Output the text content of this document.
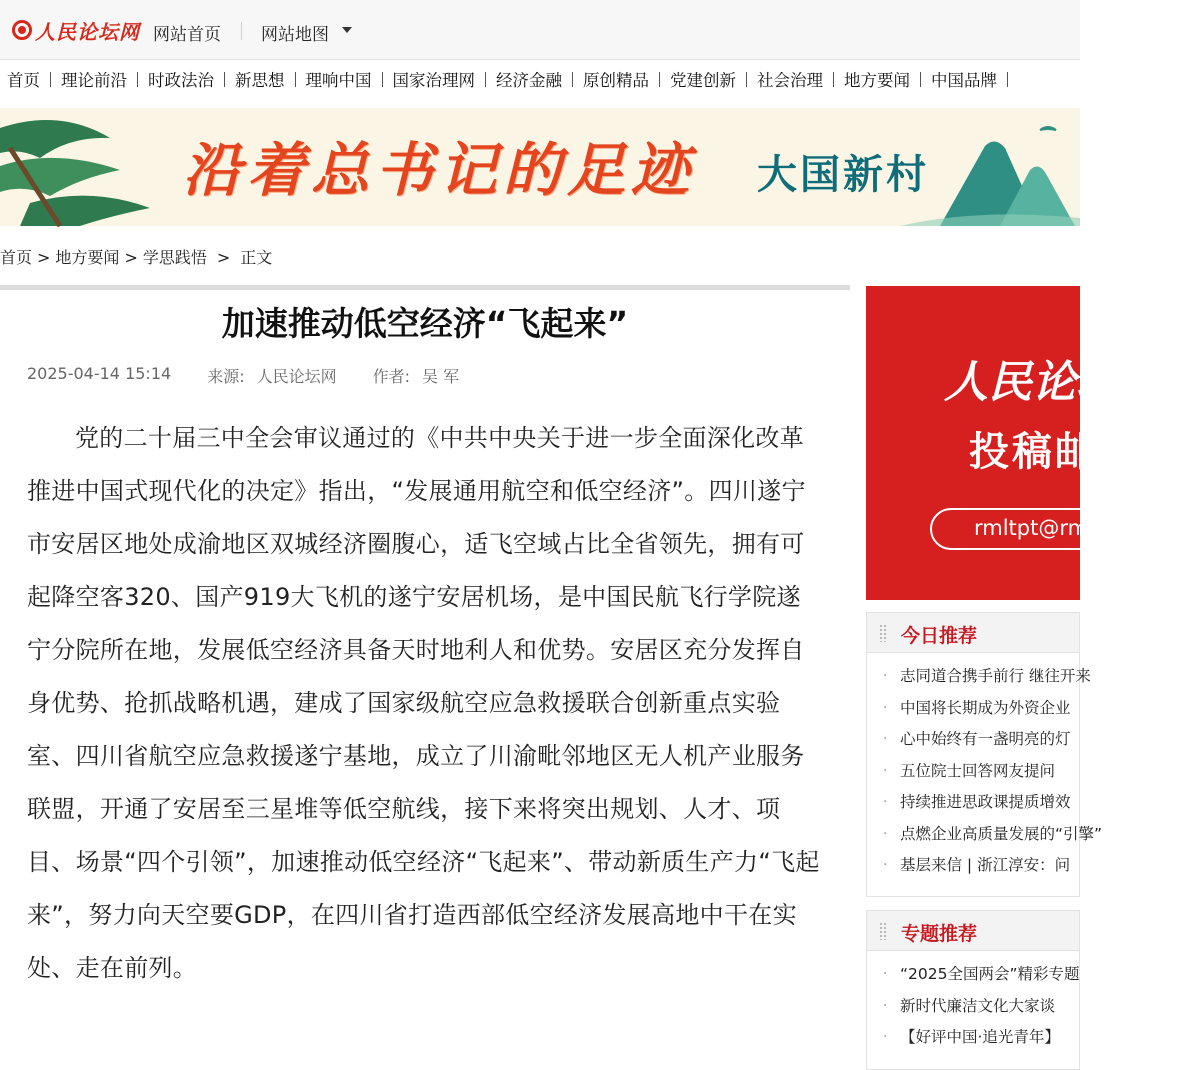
人民论坛网 网站首页 网站地图
首页 理论前沿 时政法治 新思想 理响中国 国家治理网 经济金融 原创精品 党建创新 社会治理 地方要闻 中国品牌
沿着总书记的足迹 大国新村
首页 > 地方要闻 > 学思践悟 > 正文
加速推动低空经济“飞起来”
2025-04-14 15:14 来源: 人民论坛网 作者: 吴 军

党的二十届三中全会审议通过的《中共中央关于进一步全面深化改革 推进中国式现代化的决定》指出，“发展通用航空和低空经济”。四川遂宁市安居区地处成渝地区双城经济圈腹心，适飞空域占比全省领先，拥有可起降空客320、国产919大飞机的遂宁安居机场，是中国民航飞行学院遂宁分院所在地，发展低空经济具备天时地利人和优势。安居区充分发挥自身优势、抢抓战略机遇，建成了国家级航空应急救援联合创新重点实验室、四川省航空应急救援遂宁基地，成立了川渝毗邻地区无人机产业服务联盟，开通了安居至三星堆等低空航线，接下来将突出规划、人才、项目、场景“四个引领”，加速推动低空经济“飞起来”、带动新质生产力“飞起来”，努力向天空要GDP，在四川省打造西部低空经济发展高地中干在实处、走在前列。

人民论坛
投稿邮箱
rmltpt@rmlt.com.cn
今日推荐
· 志同道合携手前行 继往开来
· 中国将长期成为外资企业
· 心中始终有一盏明亮的灯
· 五位院士回答网友提问
· 持续推进思政课提质增效
· 点燃企业高质量发展的“引擎”
· 基层来信 | 浙江淳安：问
专题推荐
· “2025全国两会”精彩专题
· 新时代廉洁文化大家谈
· 【好评中国·追光青年】
